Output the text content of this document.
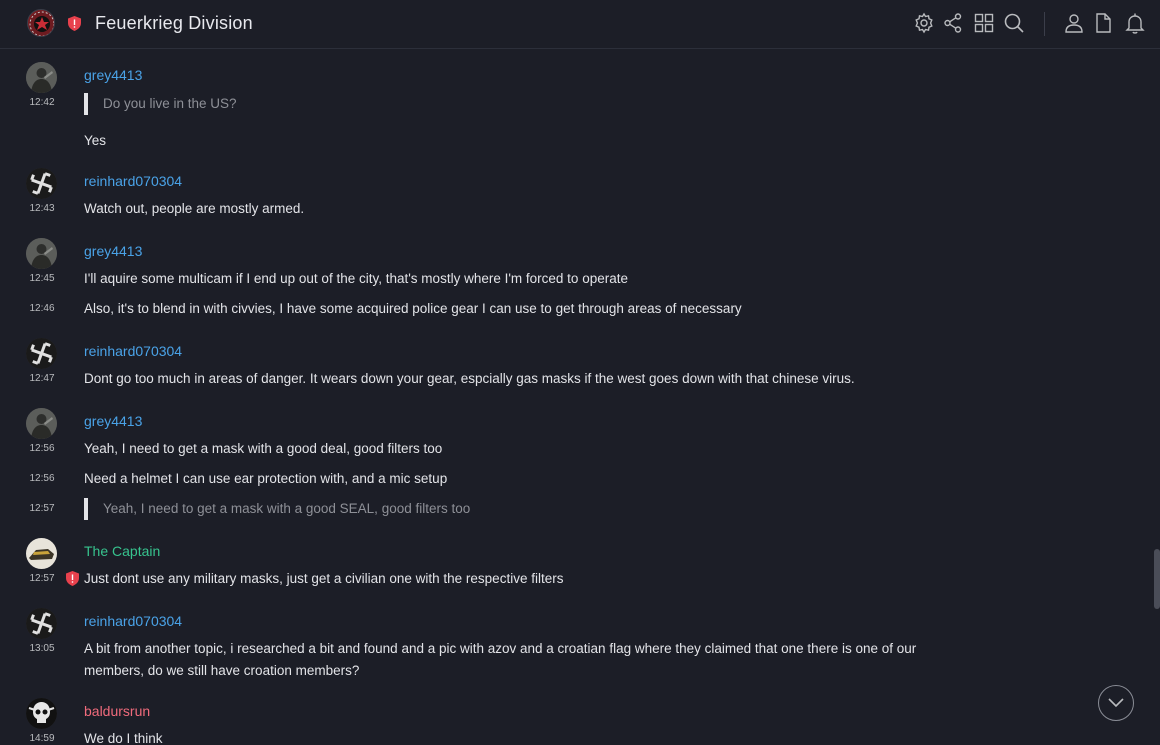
Feuerkrieg Division
grey4413
12:42	Do you live in the US?
Yes
reinhard070304
12:43 Watch out, people are mostly armed.
grey4413
12:45 I'll aquire some multicam if I end up out of the city, that's mostly where I'm forced to operate
12:46 Also, it's to blend in with civvies, I have some acquired police gear I can use to get through areas of necessary
reinhard070304
12:47 Dont go too much in areas of danger. It wears down your gear, espcially gas masks if the west goes down with that chinese virus.
grey4413
12:56 Yeah, I need to get a mask with a good deal, good filters too
12:56 Need a helmet I can use ear protection with, and a mic setup
12:57	Yeah, I need to get a mask with a good SEAL, good filters too
The Captain
12:57 Just dont use any military masks, just get a civilian one with the respective filters
reinhard070304
13:05 A bit from another topic, i researched a bit and found and a pic with azov and a croatian flag where they claimed that one there is one of our members, do we still have croation members?
baldursrun
14:59 We do I think
